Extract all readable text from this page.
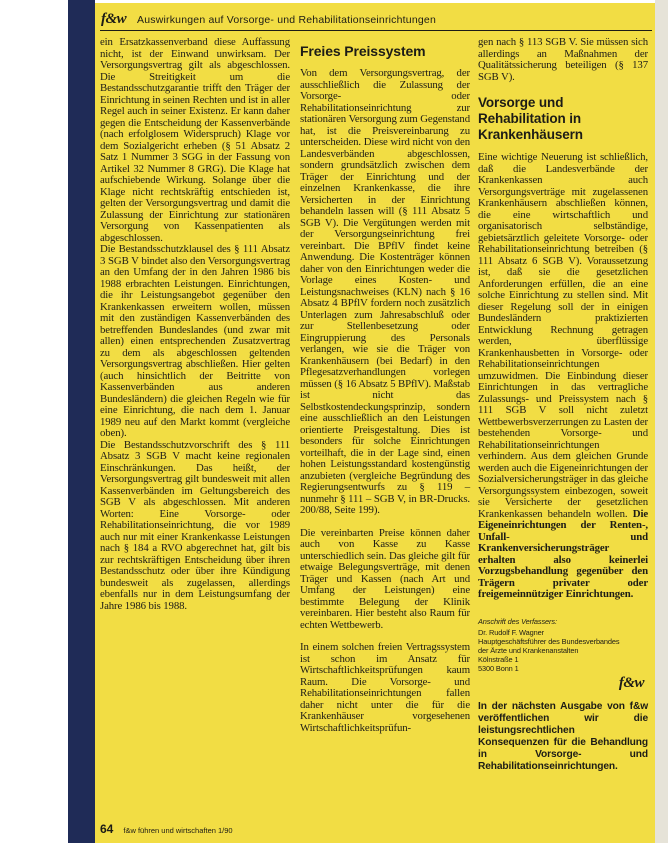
f&w Auswirkungen auf Vorsorge- und Rehabilitationseinrichtungen

ein Ersatzkassenverband diese Auffassung nicht, ist der Einwand unwirksam. Der Versorgungsvertrag gilt als abgeschlossen. Die Streitigkeit um die Bestandsschutzgarantie trifft den Träger der Einrichtung in seinen Rechten und ist in aller Regel auch in seiner Existenz. Er kann daher gegen die Entscheidung der Kassenverbände (nach erfolglosem Widerspruch) Klage vor dem Sozialgericht erheben (§ 51 Absatz 2 Satz 1 Nummer 3 SGG in der Fassung von Artikel 32 Nummer 8 GRG). Die Klage hat aufschiebende Wirkung. Solange über die Klage nicht rechtskräftig entschieden ist, gelten der Versorgungsvertrag und damit die Zulassung der Einrichtung zur stationären Versorgung von Kassenpatienten als abgeschlossen.

Die Bestandsschutzklausel des § 111 Absatz 3 SGB V bindet also den Versorgungsvertrag an den Umfang der in den Jahren 1986 bis 1988 erbrachten Leistungen. Einrichtungen, die ihr Leistungsangebot gegenüber den Krankenkassen erweitern wollen, müssen mit den zuständigen Kassenverbänden des betreffenden Bundeslandes (und zwar mit allen) einen entsprechenden Zusatzvertrag zu dem als abgeschlossen geltenden Versorgungsvertrag abschließen. Hier gelten (auch hinsichtlich der Beitritte von Kassenverbänden aus anderen Bundesländern) die gleichen Regeln wie für eine Einrichtung, die nach dem 1. Januar 1989 neu auf den Markt kommt (vergleiche oben).

Die Bestandsschutzvorschrift des § 111 Absatz 3 SGB V macht keine regionalen Einschränkungen. Das heißt, der Versorgungsvertrag gilt bundesweit mit allen Kassenverbänden im Geltungsbereich des SGB V als abgeschlossen. Mit anderen Worten: Eine Vorsorge- oder Rehabilitationseinrichtung, die vor 1989 auch nur mit einer Krankenkasse Leistungen nach § 184 a RVO abgerechnet hat, gilt bis zur rechtskräftigen Entscheidung über ihren Bestandsschutz oder über ihre Kündigung bundesweit als zugelassen, allerdings ebenfalls nur in dem Leistungsumfang der Jahre 1986 bis 1988.

Freies Preissystem

Von dem Versorgungsvertrag, der ausschließlich die Zulassung der Vorsorge- oder Rehabilitationseinrichtung zur stationären Versorgung zum Gegenstand hat, ist die Preisvereinbarung zu unterscheiden. Diese wird nicht von den Landesverbänden abgeschlossen, sondern grundsätzlich zwischen dem Träger der Einrichtung und der einzelnen Krankenkasse, die ihre Versicherten in der Einrichtung behandeln lassen will (§ 111 Absatz 5 SGB V). Die Vergütungen werden mit der Versorgungseinrichtung frei vereinbart. Die BPflV findet keine Anwendung. Die Kostenträger können daher von den Einrichtungen weder die Vorlage eines Kosten- und Leistungsnachweises (KLN) nach § 16 Absatz 4 BPflV fordern noch zusätzlich Unterlagen zum Jahresabschluß oder zur Stellenbesetzung oder Eingruppierung des Personals verlangen, wie sie die Träger von Krankenhäusern (bei Bedarf) in den Pflegesatzverhandlungen vorlegen müssen (§ 16 Absatz 5 BPflV). Maßstab ist nicht das Selbstkostendeckungsprinzip, sondern eine ausschließlich an den Leistungen orientierte Preisgestaltung. Dies ist besonders für solche Einrichtungen vorteilhaft, die in der Lage sind, einen hohen Leistungsstandard kostengünstig anzubieten (vergleiche Begründung des Regierungsentwurfs zu § 119 – nunmehr § 111 – SGB V, in BR-Drucks. 200/88, Seite 199).

Die vereinbarten Preise können daher auch von Kasse zu Kasse unterschiedlich sein. Das gleiche gilt für etwaige Belegungsverträge, mit denen Träger und Kassen (nach Art und Umfang der Leistungen) eine bestimmte Belegung der Klinik vereinbaren. Hier besteht also Raum für echten Wettbewerb.

In einem solchen freien Vertragssystem ist schon im Ansatz für Wirtschaftlichkeitsprüfungen kaum Raum. Die Vorsorge- und Rehabilitationseinrichtungen fallen daher nicht unter die für die Krankenhäuser vorgesehenen Wirtschaftlichkeitsprüfun-

gen nach § 113 SGB V. Sie müssen sich allerdings an Maßnahmen der Qualitätssicherung beteiligen (§ 137 SGB V).

Vorsorge und Rehabilitation in Krankenhäusern

Eine wichtige Neuerung ist schließlich, daß die Landesverbände der Krankenkassen auch Versorgungsverträge mit zugelassenen Krankenhäusern abschließen können, die eine wirtschaftlich und organisatorisch selbständige, gebietsärztlich geleitete Vorsorge- oder Rehabilitationseinrichtung betreiben (§ 111 Absatz 6 SGB V). Voraussetzung ist, daß sie die gesetzlichen Anforderungen erfüllen, die an eine solche Einrichtung zu stellen sind. Mit dieser Regelung soll der in einigen Bundesländern praktizierten Entwicklung Rechnung getragen werden, überflüssige Krankenhausbetten in Vorsorge- oder Rehabilitationseinrichtungen umzuwidmen. Die Einbindung dieser Einrichtungen in das vertragliche Zulassungs- und Preissystem nach § 111 SGB V soll nicht zuletzt Wettbewerbsverzerrungen zu Lasten der bestehenden Vorsorge- und Rehabilitationseinrichtungen verhindern. Aus dem gleichen Grunde werden auch die Eigeneinrichtungen der Sozialversicherungsträger in das gleiche Versorgungssystem einbezogen, soweit sie Versicherte der gesetzlichen Krankenkassen behandeln wollen. Die Eigeneinrichtungen der Renten-, Unfall- und Krankenversicherungsträger erhalten also keinerlei Vorzugsbehandlung gegenüber den Trägern privater oder freigemeinnütziger Einrichtungen.

Anschrift des Verfassers:
Dr. Rudolf F. Wagner
Hauptgeschäftsführer des Bundesverbandes
der Ärzte und Krankenanstalten
Kölnstraße 1
5300 Bonn 1
f&w
In der nächsten Ausgabe von f&w veröffentlichen wir die leistungsrechtlichen Konsequenzen für die Behandlung in Vorsorge- und Rehabilitationseinrichtungen.
64 f&w führen und wirtschaften 1/90
